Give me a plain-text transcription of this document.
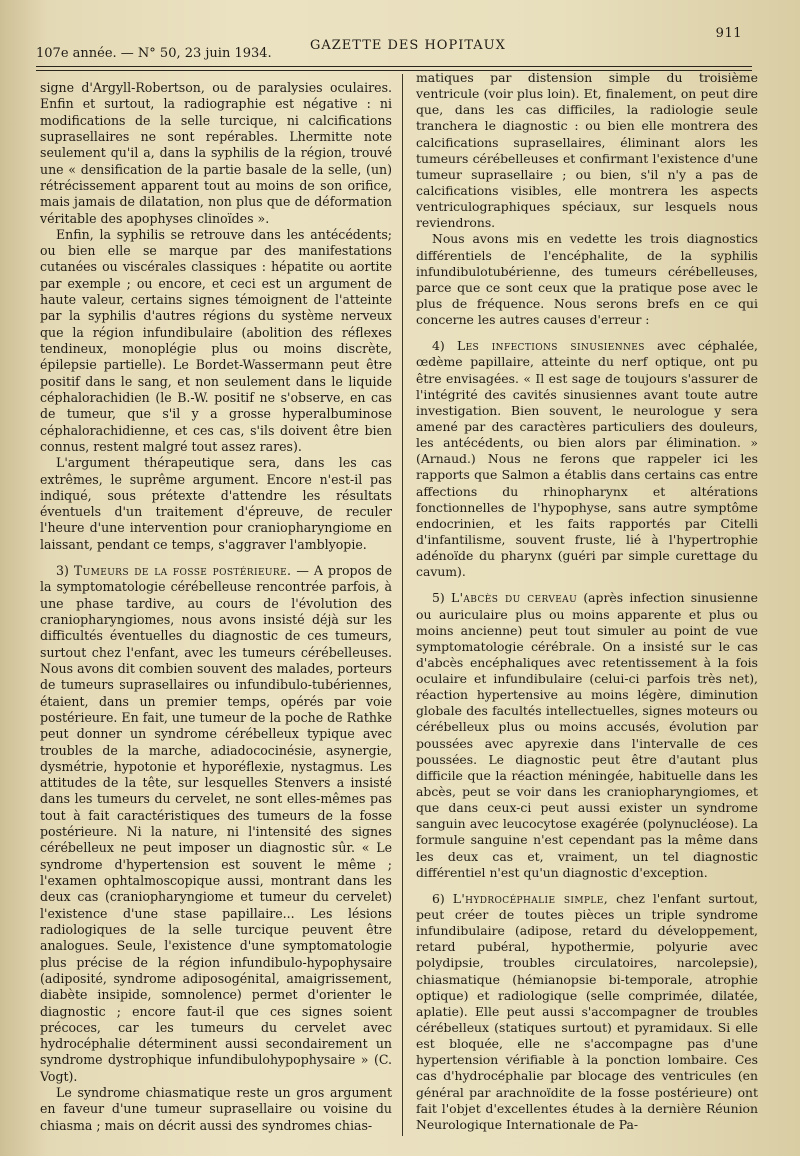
911
107e année. — N° 50, 23 juin 1934.
GAZETTE DES HOPITAUX

signe d'Argyll-Robertson, ou de paralysies oculaires. Enfin et surtout, la radiographie est négative : ni modifications de la selle turcique, ni calcifications suprasellaires ne sont repérables. Lhermitte note seulement qu'il a, dans la syphilis de la région, trouvé une « densification de la partie basale de la selle, (un) rétrécissement apparent tout au moins de son orifice, mais jamais de dilatation, non plus que de déformation véritable des apophyses clinoïdes ».

Enfin, la syphilis se retrouve dans les antécédents; ou bien elle se marque par des manifestations cutanées ou viscérales classiques : hépatite ou aortite par exemple ; ou encore, et ceci est un argument de haute valeur, certains signes témoignent de l'atteinte par la syphilis d'autres régions du système nerveux que la région infundibulaire (abolition des réflexes tendineux, monoplégie plus ou moins discrète, épilepsie partielle). Le Bordet-Wassermann peut être positif dans le sang, et non seulement dans le liquide céphalorachidien (le B.-W. positif ne s'observe, en cas de tumeur, que s'il y a grosse hyperalbuminose céphalorachidienne, et ces cas, s'ils doivent être bien connus, restent malgré tout assez rares).

L'argument thérapeutique sera, dans les cas extrêmes, le suprême argument. Encore n'est-il pas indiqué, sous prétexte d'attendre les résultats éventuels d'un traitement d'épreuve, de reculer l'heure d'une intervention pour craniopharyngiome en laissant, pendant ce temps, s'aggraver l'amblyopie.

3) Tumeurs de la fosse postérieure. — A propos de la symptomatologie cérébelleuse rencontrée parfois, à une phase tardive, au cours de l'évolution des craniopharyngiomes, nous avons insisté déjà sur les difficultés éventuelles du diagnostic de ces tumeurs, surtout chez l'enfant, avec les tumeurs cérébelleuses. Nous avons dit combien souvent des malades, porteurs de tumeurs suprasellaires ou infundibulo-tubériennes, étaient, dans un premier temps, opérés par voie postérieure. En fait, une tumeur de la poche de Rathke peut donner un syndrome cérébelleux typique avec troubles de la marche, adiadococinésie, asynergie, dysmétrie, hypotonie et hyporéflexie, nystagmus. Les attitudes de la tête, sur lesquelles Stenvers a insisté dans les tumeurs du cervelet, ne sont elles-mêmes pas tout à fait caractéristiques des tumeurs de la fosse postérieure. Ni la nature, ni l'intensité des signes cérébelleux ne peut imposer un diagnostic sûr. « Le syndrome d'hypertension est souvent le même ; l'examen ophtalmoscopique aussi, montrant dans les deux cas (craniopharyngiome et tumeur du cervelet) l'existence d'une stase papillaire... Les lésions radiologiques de la selle turcique peuvent être analogues. Seule, l'existence d'une symptomatologie plus précise de la région infundibulo-hypophysaire (adiposité, syndrome adiposogénital, amaigrissement, diabète insipide, somnolence) permet d'orienter le diagnostic ; encore faut-il que ces signes soient précoces, car les tumeurs du cervelet avec hydrocéphalie déterminent aussi secondairement un syndrome dystrophique infundibulohypophysaire » (C. Vogt).

Le syndrome chiasmatique reste un gros argument en faveur d'une tumeur suprasellaire ou voisine du chiasma ; mais on décrit aussi des syndromes chias-

matiques par distension simple du troisième ventricule (voir plus loin). Et, finalement, on peut dire que, dans les cas difficiles, la radiologie seule tranchera le diagnostic : ou bien elle montrera des calcifications suprasellaires, éliminant alors les tumeurs cérébelleuses et confirmant l'existence d'une tumeur suprasellaire ; ou bien, s'il n'y a pas de calcifications visibles, elle montrera les aspects ventriculographiques spéciaux, sur lesquels nous reviendrons.

Nous avons mis en vedette les trois diagnostics différentiels de l'encéphalite, de la syphilis infundibulotubérienne, des tumeurs cérébelleuses, parce que ce sont ceux que la pratique pose avec le plus de fréquence. Nous serons brefs en ce qui concerne les autres causes d'erreur :

4) Les infections sinusiennes avec céphalée, œdème papillaire, atteinte du nerf optique, ont pu être envisagées. « Il est sage de toujours s'assurer de l'intégrité des cavités sinusiennes avant toute autre investigation. Bien souvent, le neurologue y sera amené par des caractères particuliers des douleurs, les antécédents, ou bien alors par élimination. » (Arnaud.) Nous ne ferons que rappeler ici les rapports que Salmon a établis dans certains cas entre affections du rhinopharynx et altérations fonctionnelles de l'hypophyse, sans autre symptôme endocrinien, et les faits rapportés par Citelli d'infantilisme, souvent fruste, lié à l'hypertrophie adénoïde du pharynx (guéri par simple curettage du cavum).

5) L'abcès du cerveau (après infection sinusienne ou auriculaire plus ou moins apparente et plus ou moins ancienne) peut tout simuler au point de vue symptomatologie cérébrale. On a insisté sur le cas d'abcès encéphaliques avec retentissement à la fois oculaire et infundibulaire (celui-ci parfois très net), réaction hypertensive au moins légère, diminution globale des facultés intellectuelles, signes moteurs ou cérébelleux plus ou moins accusés, évolution par poussées avec apyrexie dans l'intervalle de ces poussées. Le diagnostic peut être d'autant plus difficile que la réaction méningée, habituelle dans les abcès, peut se voir dans les craniopharyngiomes, et que dans ceux-ci peut aussi exister un syndrome sanguin avec leucocytose exagérée (polynucléose). La formule sanguine n'est cependant pas la même dans les deux cas et, vraiment, un tel diagnostic différentiel n'est qu'un diagnostic d'exception.

6) L'hydrocéphalie simple, chez l'enfant surtout, peut créer de toutes pièces un triple syndrome infundibulaire (adipose, retard du développement, retard pubéral, hypothermie, polyurie avec polydipsie, troubles circulatoires, narcolepsie), chiasmatique (hémianopsie bi-temporale, atrophie optique) et radiologique (selle comprimée, dilatée, aplatie). Elle peut aussi s'accompagner de troubles cérébelleux (statiques surtout) et pyramidaux. Si elle est bloquée, elle ne s'accompagne pas d'une hypertension vérifiable à la ponction lombaire. Ces cas d'hydrocéphalie par blocage des ventricules (en général par arachnoïdite de la fosse postérieure) ont fait l'objet d'excellentes études à la dernière Réunion Neurologique Internationale de Pa-
